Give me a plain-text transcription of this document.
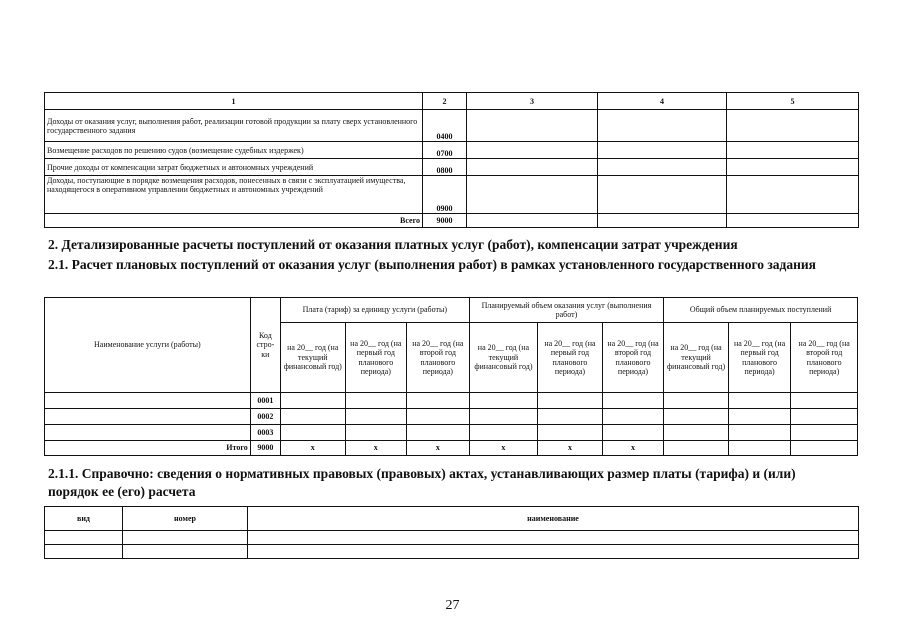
1	2	3	4	5
Доходы от оказания услуг, выполнения работ, реализации готовой продукции за плату сверх установленного государственного задания	0400			
Возмещение расходов по решению судов (возмещение судебных издержек)	0700			
Прочие доходы от компенсации затрат бюджетных и автономных учреждений	0800			
Доходы, поступающие в порядке возмещения расходов, понесенных в связи с эксплуатацией имущества, находящегося в оперативном управлении бюджетных и автономных учреждений	0900			
Всего	9000			
2. Детализированные расчеты поступлений от оказания платных услуг (работ), компенсации затрат учреждения
2.1. Расчет плановых поступлений от оказания услуг (выполнения работ) в рамках установленного государственного задания
Наименование услуги (работы)	Код стро-ки	Плата (тариф) за единицу услуги (работы)			Планируемый объем оказания услуг (выполнения работ)			Общий объем планируемых поступлений		
		на 20__ год (на текущий финансовый год)	на 20__ год (на первый год планового периода)	на 20__ год (на второй год планового периода)	на 20__ год (на текущий финансовый год)	на 20__ год (на первый год планового периода)	на 20__ год (на второй год планового периода)	на 20__ год (на текущий финансовый год)	на 20__ год (на первый год планового периода)	на 20__ год (на второй год планового периода)
	0001									
	0002									
	0003									
Итого	9000	х	х	х	х	х	х			
2.1.1. Справочно: сведения о нормативных правовых (правовых) актах, устанавливающих размер платы (тарифа) и (или) порядок ее (его) расчета
вид	номер	наименование

27
